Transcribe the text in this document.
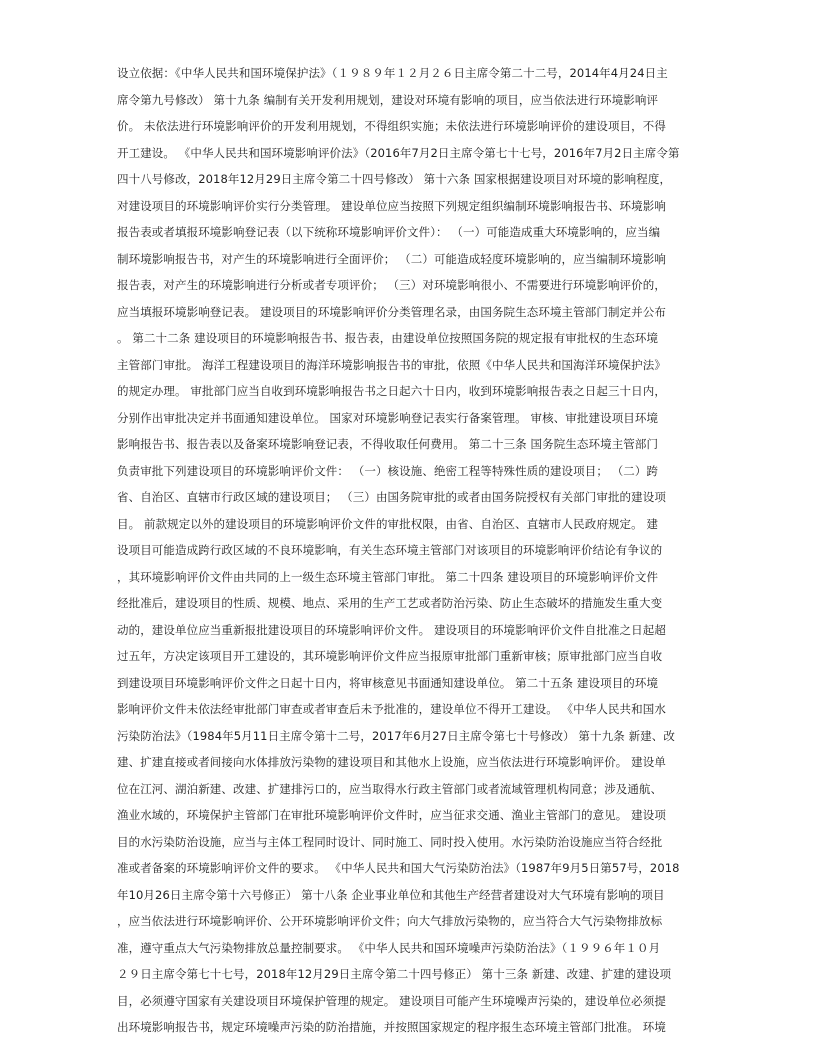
设立依据：《中华人民共和国环境保护法》（１９８９年１２月２６日主席令第二十二号，2014年4月24日主
席令第九号修改） 第十九条 编制有关开发利用规划，建设对环境有影响的项目，应当依法进行环境影响评
价。 未依法进行环境影响评价的开发利用规划，不得组织实施；未依法进行环境影响评价的建设项目，不得
开工建设。 《中华人民共和国环境影响评价法》（2016年7月2日主席令第七十七号，2016年7月2日主席令第
四十八号修改，2018年12月29日主席令第二十四号修改） 第十六条 国家根据建设项目对环境的影响程度，
对建设项目的环境影响评价实行分类管理。 建设单位应当按照下列规定组织编制环境影响报告书、环境影响
报告表或者填报环境影响登记表（以下统称环境影响评价文件）： （一）可能造成重大环境影响的，应当编
制环境影响报告书，对产生的环境影响进行全面评价； （二）可能造成轻度环境影响的，应当编制环境影响
报告表，对产生的环境影响进行分析或者专项评价； （三）对环境影响很小、不需要进行环境影响评价的，
应当填报环境影响登记表。 建设项目的环境影响评价分类管理名录，由国务院生态环境主管部门制定并公布
。 第二十二条 建设项目的环境影响报告书、报告表，由建设单位按照国务院的规定报有审批权的生态环境
主管部门审批。 海洋工程建设项目的海洋环境影响报告书的审批，依照《中华人民共和国海洋环境保护法》
的规定办理。 审批部门应当自收到环境影响报告书之日起六十日内，收到环境影响报告表之日起三十日内，
分别作出审批决定并书面通知建设单位。 国家对环境影响登记表实行备案管理。 审核、审批建设项目环境
影响报告书、报告表以及备案环境影响登记表，不得收取任何费用。 第二十三条 国务院生态环境主管部门
负责审批下列建设项目的环境影响评价文件： （一）核设施、绝密工程等特殊性质的建设项目； （二）跨
省、自治区、直辖市行政区域的建设项目； （三）由国务院审批的或者由国务院授权有关部门审批的建设项
目。 前款规定以外的建设项目的环境影响评价文件的审批权限，由省、自治区、直辖市人民政府规定。 建
设项目可能造成跨行政区域的不良环境影响，有关生态环境主管部门对该项目的环境影响评价结论有争议的
，其环境影响评价文件由共同的上一级生态环境主管部门审批。 第二十四条 建设项目的环境影响评价文件
经批准后，建设项目的性质、规模、地点、采用的生产工艺或者防治污染、防止生态破坏的措施发生重大变
动的，建设单位应当重新报批建设项目的环境影响评价文件。 建设项目的环境影响评价文件自批准之日起超
过五年，方决定该项目开工建设的，其环境影响评价文件应当报原审批部门重新审核；原审批部门应当自收
到建设项目环境影响评价文件之日起十日内，将审核意见书面通知建设单位。 第二十五条 建设项目的环境
影响评价文件未依法经审批部门审查或者审查后未予批准的，建设单位不得开工建设。 《中华人民共和国水
污染防治法》（1984年5月11日主席令第十二号，2017年6月27日主席令第七十号修改） 第十九条 新建、改
建、扩建直接或者间接向水体排放污染物的建设项目和其他水上设施，应当依法进行环境影响评价。 建设单
位在江河、湖泊新建、改建、扩建排污口的，应当取得水行政主管部门或者流域管理机构同意；涉及通航、
渔业水域的，环境保护主管部门在审批环境影响评价文件时，应当征求交通、渔业主管部门的意见。 建设项
目的水污染防治设施，应当与主体工程同时设计、同时施工、同时投入使用。水污染防治设施应当符合经批
准或者备案的环境影响评价文件的要求。 《中华人民共和国大气污染防治法》（1987年9月5日第57号，2018
年10月26日主席令第十六号修正） 第十八条 企业事业单位和其他生产经营者建设对大气环境有影响的项目
，应当依法进行环境影响评价、公开环境影响评价文件；向大气排放污染物的，应当符合大气污染物排放标
准，遵守重点大气污染物排放总量控制要求。 《中华人民共和国环境噪声污染防治法》（１９９６年１０月
２９日主席令第七十七号，2018年12月29日主席令第二十四号修正） 第十三条 新建、改建、扩建的建设项
目，必须遵守国家有关建设项目环境保护管理的规定。 建设项目可能产生环境噪声污染的，建设单位必须提
出环境影响报告书，规定环境噪声污染的防治措施，并按照国家规定的程序报生态环境主管部门批准。 环境
